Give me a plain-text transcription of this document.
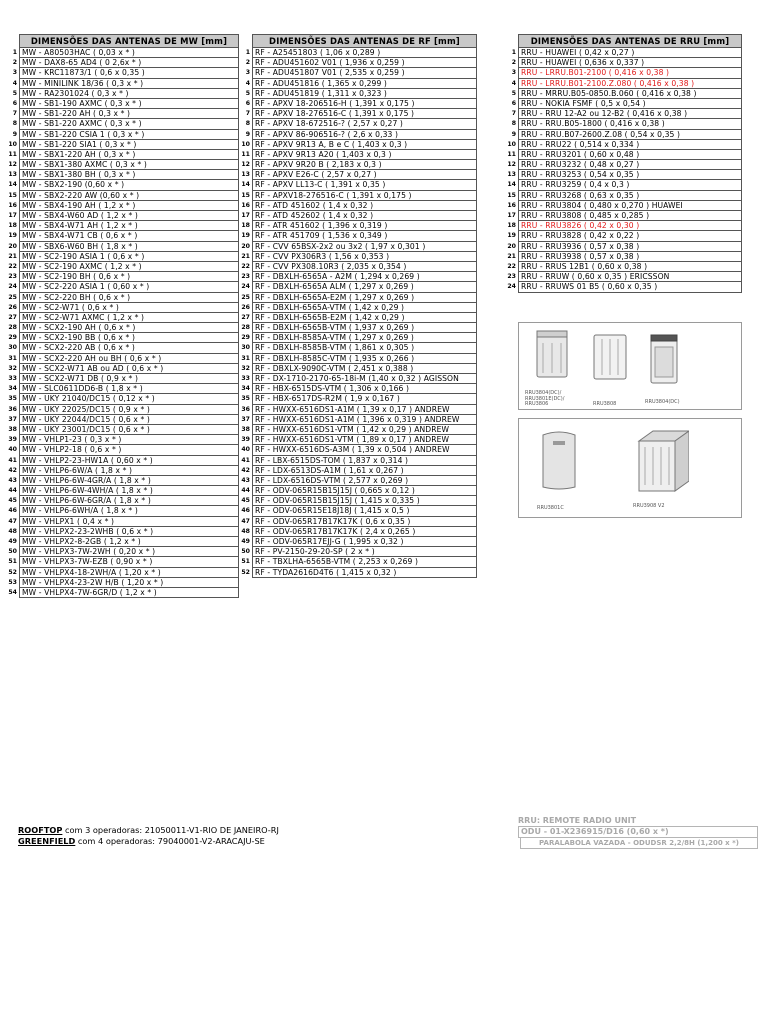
DIMENSÕES DAS ANTENAS DE MW [mm]
1 MW - A80503HAC ( 0,03 x * )
2 MW - DAX8-65 AD4 ( 0 2,6x * )
3 MW - KRC11873/1 ( 0,6 x 0,35 )
4 MW - MINILINK 18/36 ( 0,3 x * )
5 MW - RA2301024 ( 0,3 x * )
6 MW - SB1-190 AXMC ( 0,3 x * )
7 MW - SB1-220 AH ( 0,3 x * )
8 MW - SB1-220 AXMC ( 0,3 x * )
9 MW - SB1-220 CSIA 1 ( 0,3 x * )
10 MW - SB1-220 SIA1 ( 0,3 x * )
11 MW - SBX1-220 AH ( 0,3 x * )
12 MW - SBX1-380 AXMC ( 0,3 x * )
13 MW - SBX1-380 BH ( 0,3 x * )
14 MW - SBX2-190 (0,60 x * )
15 MW - SBX2-220 AW (0,60 x * )
16 MW - SBX4-190 AH ( 1,2 x * )
17 MW - SBX4-W60 AD ( 1,2 x * )
18 MW - SBX4-W71 AH ( 1,2 x * )
19 MW - SBX4-W71 CB ( 0,6 x * )
20 MW - SBX6-W60 BH ( 1,8 x * )
21 MW - SC2-190 ASIA 1 ( 0,6 x * )
22 MW - SC2-190 AXMC ( 1,2 x * )
23 MW - SC2-190 BH ( 0,6 x * )
24 MW - SC2-220 ASIA 1 ( 0,60 x * )
25 MW - SC2-220 BH ( 0,6 x * )
26 MW - SC2-W71 ( 0,6 x * )
27 MW - SC2-W71 AXMC ( 1,2 x * )
28 MW - SCX2-190 AH ( 0,6 x * )
29 MW - SCX2-190 BB ( 0,6 x * )
30 MW - SCX2-220 AB ( 0,6 x * )
31 MW - SCX2-220 AH ou BH ( 0,6 x * )
32 MW - SCX2-W71 AB ou AD ( 0,6 x * )
33 MW - SCX2-W71 DB ( 0,9 x * )
34 MW - SLC0611DD6-B ( 1,8 x * )
35 MW - UKY 21040/DC15 ( 0,12 x * )
36 MW - UKY 22025/DC15 ( 0,9 x * )
37 MW - UKY 22044/DC15 ( 0,6 x * )
38 MW - UKY 23001/DC15 ( 0,6 x * )
39 MW - VHLP1-23 ( 0,3 x * )
40 MW - VHLP2-18 ( 0,6 x * )
41 MW - VHLP2-23-HW1A ( 0,60 x * )
42 MW - VHLP6-6W/A ( 1,8 x * )
43 MW - VHLP6-6W-4GR/A ( 1,8 x * )
44 MW - VHLP6-6W-4WH/A ( 1,8 x * )
45 MW - VHLP6-6W-6GR/A ( 1,8 x * )
46 MW - VHLP6-6WH/A ( 1,8 x * )
47 MW - VHLPX1 ( 0,4 x * )
48 MW - VHLPX2-23-2WHB ( 0,6 x * )
49 MW - VHLPX2-8-2GB ( 1,2 x * )
50 MW - VHLPX3-7W-2WH ( 0,20 x * )
51 MW - VHLPX3-7W-EZB ( 0,90 x * )
52 MW - VHLPX4-18-2WH/A ( 1,20 x * )
53 MW - VHLPX4-23-2W H/B ( 1,20 x * )
54 MW - VHLPX4-7W-6GR/D ( 1,2 x * )
DIMENSÕES DAS ANTENAS DE RF [mm]
1 RF - A25451803 ( 1,06 x 0,289 )
2 RF - ADU451602 V01 ( 1,936 x 0,259 )
3 RF - ADU451807 V01 ( 2,535 x 0,259 )
4 RF - ADU451816 ( 1,365 x 0,299 )
5 RF - ADU451819 ( 1,311 x 0,323 )
6 RF - APXV 18-206516-H ( 1,391 x 0,175 )
7 RF - APXV 18-276516-C ( 1,391 x 0,175 )
8 RF - APXV 18-672516-? ( 2,57 x 0,27 )
9 RF - APXV 86-906516-? ( 2,6 x 0,33 )
10 RF - APXV 9R13 A, B e C ( 1,403 x 0,3 )
11 RF - APXV 9R13 A20 ( 1,403 x 0,3 )
12 RF - APXV 9R20 B ( 2,183 x 0,3 )
13 RF - APXV E26-C ( 2,57 x 0,27 )
14 RF - APXV LL13-C ( 1,391 x 0,35 )
15 RF - APXV18-276516-C ( 1,391 x 0,175 )
16 RF - ATD 451602 ( 1,4 x 0,32 )
17 RF - ATD 452602 ( 1,4 x 0,32 )
18 RF - ATR 451602 ( 1,396 x 0,319 )
19 RF - ATR 451709 ( 1,536 x 0,349 )
20 RF - CVV 65BSX-2x2 ou 3x2 ( 1,97 x 0,301 )
21 RF - CVV PX306R3 ( 1,56 x 0,353 )
22 RF - CVV PX308.10R3 ( 2,035 x 0,354 )
23 RF - DBXLH-6565A - A2M ( 1,294 x 0,269 )
24 RF - DBXLH-6565A ALM ( 1,297 x 0,269 )
25 RF - DBXLH-6565A-E2M ( 1,297 x 0,269 )
26 RF - DBXLH-6565A-VTM ( 1,42 x 0,29 )
27 RF - DBXLH-6565B-E2M ( 1,42 x 0,29 )
28 RF - DBXLH-6565B-VTM ( 1,937 x 0,269 )
29 RF - DBXLH-8585A-VTM ( 1,297 x 0,269 )
30 RF - DBXLH-8585B-VTM ( 1,861 x 0,305 )
31 RF - DBXLH-8585C-VTM ( 1,935 x 0,266 )
32 RF - DBXLX-9090C-VTM ( 2,451 x 0,388 )
33 RF - DX-1710-2170-65-18i-M (1,40 x 0,32 ) AGISSON
34 RF - HBX-6515DS-VTM ( 1,306 x 0,166 )
35 RF - HBX-6517DS-R2M ( 1,9 x 0,167 )
36 RF - HWXX-6516DS1-A1M ( 1,39 x 0,17 ) ANDREW
37 RF - HWXX-6516DS1-A1M ( 1,396 x 0,319 ) ANDREW
38 RF - HWXX-6516DS1-VTM ( 1,42 x 0,29 ) ANDREW
39 RF - HWXX-6516DS1-VTM ( 1,89 x 0,17 ) ANDREW
40 RF - HWXX-6516DS-A3M ( 1,39 x 0,504 ) ANDREW
41 RF - LBX-6515DS-TOM ( 1,837 x 0,314 )
42 RF - LDX-6513DS-A1M ( 1,61 x 0,267 )
43 RF - LDX-6516DS-VTM ( 2,577 x 0,269 )
44 RF - ODV-065R15B15J15J ( 0,665 x 0,12 )
45 RF - ODV-065R15B15J15J ( 1,415 x 0,335 )
46 RF - ODV-065R15E18J18J ( 1,415 x 0,5 )
47 RF - ODV-065R17B17K17K ( 0,6 x 0,35 )
48 RF - ODV-065R17B17K17K ( 2,4 x 0,265 )
49 RF - ODV-065R17EJJ-G ( 1,995 x 0,32 )
50 RF - PV-2150-29-20-SP ( 2 x * )
51 RF - TBXLHA-6565B-VTM ( 2,253 x 0,269 )
52 RF - TYDA2616D4T6 ( 1,415 x 0,32 )
DIMENSÕES DAS ANTENAS DE RRU [mm]
1 RRU - HUAWEI ( 0,42 x 0,27 )
2 RRU - HUAWEI ( 0,636 x 0,337 )
3 RRU - LRRU.B01-2100 ( 0,416 x 0,38 )
4 RRU - LRRU.B01-2100.Z.080 ( 0,416 x 0,38 )
5 RRU - MRRU.B05-0850.B.060 ( 0,416 x 0,38 )
6 RRU - NOKIA FSMF ( 0,5 x 0,54 )
7 RRU - RRU 12-A2 ou 12-B2 ( 0,416 x 0,38 )
8 RRU - RRU.B05-1800 ( 0,416 x 0,38 )
9 RRU - RRU.B07-2600.Z.08 ( 0,54 x 0,35 )
10 RRU - RRU22 ( 0,514 x 0,334 )
11 RRU - RRU3201 ( 0,60 x 0,48 )
12 RRU - RRU3232 ( 0,48 x 0,27 )
13 RRU - RRU3253 ( 0,54 x 0,35 )
14 RRU - RRU3259 ( 0,4 x 0,3 )
15 RRU - RRU3268 ( 0,63 x 0,35 )
16 RRU - RRU3804 ( 0,480 x 0,270 ) HUAWEI
17 RRU - RRU3808 ( 0,485 x 0,285 )
18 RRU - RRU3826 ( 0,42 x 0,30 )
19 RRU - RRU3828 ( 0,42 x 0,22 )
20 RRU - RRU3936 ( 0,57 x 0,38 )
21 RRU - RRU3938 ( 0,57 x 0,38 )
22 RRU - RRUS 12B1 ( 0,60 x 0,38 )
23 RRU - RRUW ( 0,60 x 0,35 ) ERICSSON
24 RRU - RRUWS 01 B5 ( 0,60 x 0,35 )
RRU3804(DC)/ RRU3801E(DC)/ RRU3806	RRU3808	RRU3804(DC)
RRU3801C	RRU3908 V2
ROOFTOP com 3 operadoras: 21050011-V1-RIO DE JANEIRO-RJ
GREENFIELD com 4 operadoras: 79040001-V2-ARACAJU-SE
RRU: REMOTE RADIO UNIT
ODU - 01-X236915/D16 (0,60 x *)
PARALABOLA VAZADA - ODUDSR 2,2/8H (1,200 x *)
